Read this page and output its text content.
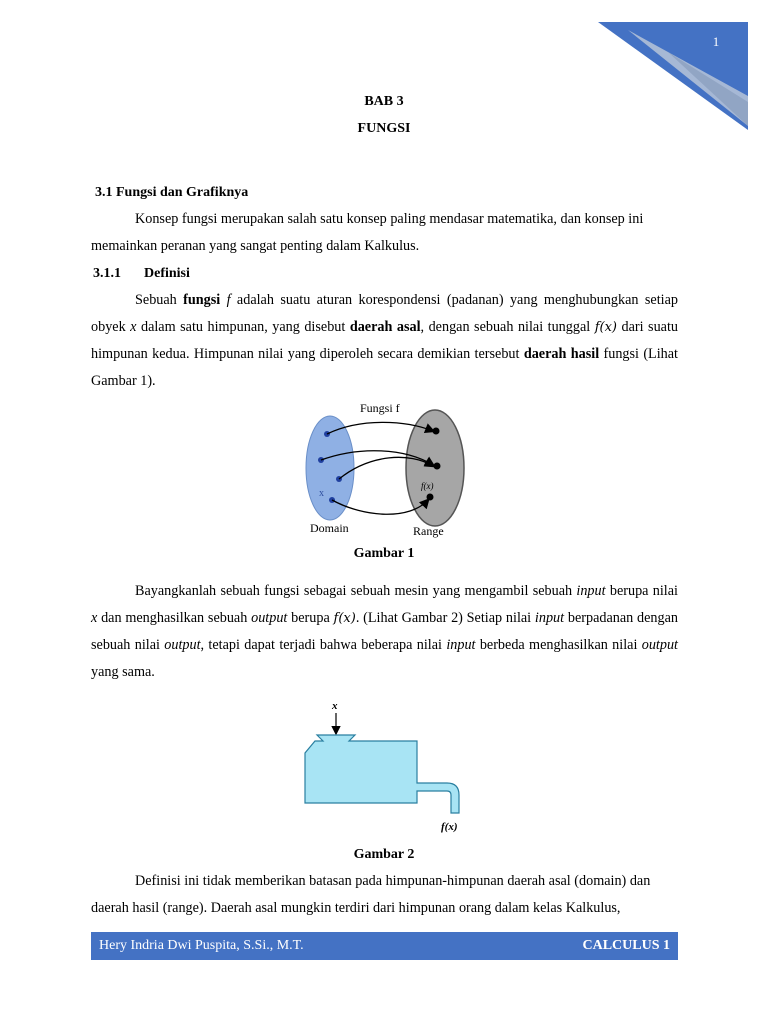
1
BAB 3
FUNGSI
3.1 Fungsi dan Grafiknya

Konsep fungsi merupakan salah satu konsep paling mendasar matematika, dan konsep ini

memainkan peranan yang sangat penting dalam Kalkulus.

3.1.1 Definisi

Sebuah fungsi f adalah suatu aturan korespondensi (padanan) yang menghubungkan setiap obyek x dalam satu himpunan, yang disebut daerah asal, dengan sebuah nilai tunggal f(x) dari suatu himpunan kedua. Himpunan nilai yang diperoleh secara demikian tersebut daerah hasil fungsi (Lihat Gambar 1).

Fungsi f
x
f(x)
Domain	Range
Gambar 1

Bayangkanlah sebuah fungsi sebagai sebuah mesin yang mengambil sebuah input berupa nilai x dan menghasilkan sebuah output berupa f(x). (Lihat Gambar 2) Setiap nilai input berpadanan dengan sebuah nilai output, tetapi dapat terjadi bahwa beberapa nilai input berbeda menghasilkan nilai output yang sama.

x
f(x)
Gambar 2

Definisi ini tidak memberikan batasan pada himpunan-himpunan daerah asal (domain) dan

daerah hasil (range). Daerah asal mungkin terdiri dari himpunan orang dalam kelas Kalkulus,

Hery Indria Dwi Puspita, S.Si., M.T.	CALCULUS 1
